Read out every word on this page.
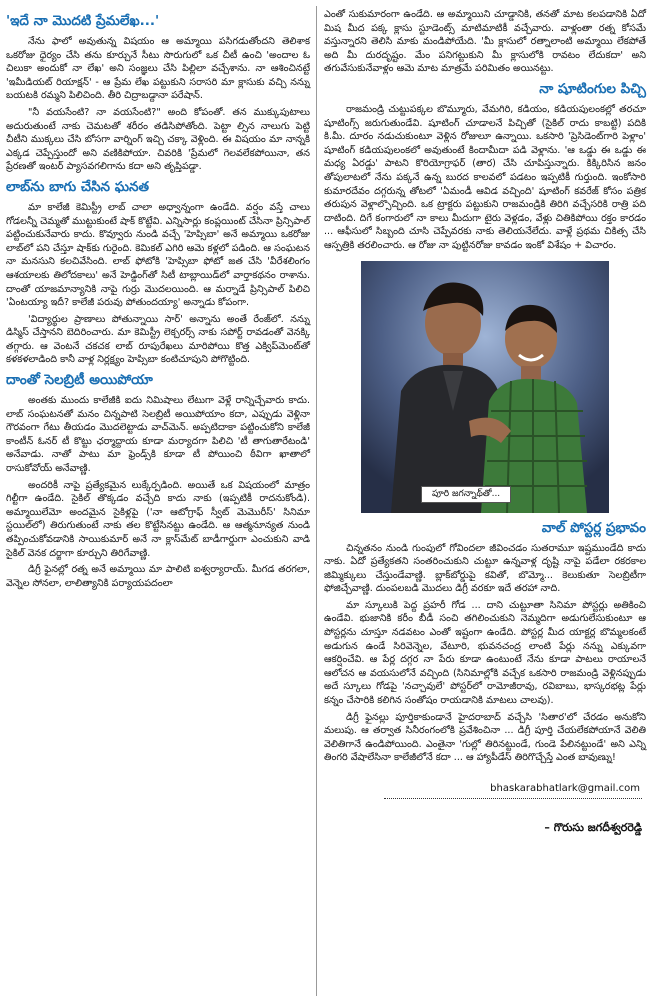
'ఇదే నా మొదటి ప్రేమలేఖ...'

నేను ఫాలో అవుతున్న విషయం ఆ అమ్మాయి పసిగడుతోందని తెలిశాక ఒకరోజు ధైర్యం చేసి తను కూర్చునే సీటు సొరుగులో ఒక చీటీ ఉంచి 'అందాల ఓ చిలుకా అందుకో నా లేఖ' అని సంజ్ఞలు చేసి పిల్లిలా వచ్చేశాను. నా ఆశించినట్టే 'ఇమీడియట్ రియాక్షన్' - ఆ ప్రేమ లేఖ పట్టుకుని సరాసరి మా క్లాసుకు వచ్చి నన్ను బయటకి రమ్మని పిలిచింది. తీరి చిద్రాబడ్దానా పరేషాన్.

"నీ వయసేంటి? నా వయసేంటి?" అంది కోపంతో. తన ముక్కుపుటాలు అదురుతుంటే నాకు చెమటతో శరీరం తడిసిపోతోంది. పెట్టా ల్సిన నాలుగు పెట్టి చీటీని ముక్కలు చేసి బోసగా వార్నింగ్ ఇచ్చి చక్కా వెళ్లింది. ఈ విషయం మా నాన్నకి ఎక్కడ చెప్పేస్తుందో అని వణికిపోయా. చివరికి 'ప్రేమలో గెలవలేకపోయినా, తన ప్రేరణతో ఇంటర్ ప్యాసవగలిగాను కదా అని తృప్తిపడ్డా.

లాబ్‌ను బాగు చేసిన ఘనత

మా కాలేజీ కెమిస్ట్రీ లాబ్ చాలా అధ్వాన్నంగా ఉండేది. వర్షం వస్తే చాలు గోడలన్నీ చెమ్మతో ముట్టుకుంటే షాక్ కొట్టేవి. ఎన్నిసార్లు కంప్లయింట్ చేసినా ప్రిన్సిపాల్ పట్టించుకునేవారు కాదు. కొవ్వూరు నుండి వచ్చే 'హెప్సిబా' అనే అమ్మాయి ఒకరోజు లాబ్‌లో పని చేస్తూ షాక్‌కు గురైంది. కెమికల్ ఎగిరి ఆమె కళ్లలో పడింది. ఆ సంఘటన నా మనసుని కలచివేసింది. లాబ్ ఫోటోకి 'హెప్సిబా ఫోటో జత చేసి 'వీరేశలింగం ఆశయాలకు తిలోదకాలు' అనే హెడ్డింగ్‌తో సిటీ టాబ్లాయిడ్‌లో వార్తాకథనం రాశాను. దాంతో యాజమాన్యానికి నాపై గుర్రు మొదలయింది. ఆ మర్నాడే ప్రిన్సిపాల్ పిలిచి 'ఏంటయ్యా ఇదీ? కాలేజీ పరువు పోతుందయ్యా' అన్నాడు కోపంగా.

'విద్యార్థుల ప్రాణాలు పోతున్నాయి సార్' అన్నాను అంతే రేంజ్‌లో. నన్ను డిస్మిస్ చేస్తానని బెదిరించారు. మా కెమిస్ట్రీ లెక్చరర్స్ నాకు సపోర్ట్ రావడంతో వెనక్కి తగ్గారు. ఆ వెంటనే చకచక లాబ్ రూపురేఖలు మారిపోయి కొత్త ఎక్విప్‌మెంట్‌తో కళకళలాడింది కానీ వాళ్ల నిర్లక్ష్యం హెప్సిబా కంటిచూపుని పోగొట్టింది.

దాంతో సెలబ్రిటీ అయిపోయా

అంతకు ముందు కాలేజీకి ఐదు నిమిషాలు లేటుగా వెళ్లే రాన్నిచ్చేవారు కాదు. లాబ్ సంఘటనతో మనం చిన్నపాటి సెలబ్రిటీ అయిపోయాం కదా, ఎప్పుడు వెళ్లినా గౌరవంగా గేటు తీయడం మొదలెట్టాడు వాచ్‌మెన్. అప్పటిదాకా పట్టించుకోని కాలేజీ కాంటీన్ ఓనర్ టీ కొట్టు ఛర్మాద్దాయ కూడా మర్యాదగా పిలిచి 'టీ తాగుతారేటండి' అనేవాడు. నాతో పాటు మా ఫ్రెండ్స్‌కి కూడా టీ పోయించి ఠీవిగా ఖాతాలో రాసుకోవోయ్ అనేవాణ్ణి.

అందరికీ నాపై ప్రత్యేకమైన లుక్కేర్పడింది. అయితే ఒక విషయంలో మాత్రం గిల్టీగా ఉండేది. సైకిల్ తొక్కడం వచ్చేది కాదు నాకు (ఇప్పటికీ రాదనుకోండి). అమ్మాయిలేమో అందమైన సైకిళ్లపై ('నా ఆటోగ్రాఫ్ స్వీట్ మెమొరీస్' సినిమా స్టయిల్‌లో) తిరుగుతుంటే నాకు తల కొట్టేసినట్టు ఉండేది. ఆ ఆత్మనూన్యత నుండి తప్పించుకోవడానికి సాయికుమార్ అనే నా క్లాస్‌మేట్ బాడీగార్డుగా ఎంచుకుని వాడి సైకిల్ వెనక దర్జాగా కూర్చుని తిరిగేవాణ్ణి.

డిగ్రీ ఫైనల్లో రత్న అనే అమ్మాయి మా పాలిటి ఐశ్వర్యారాయ్. మీగడ తరగలా, వెన్నెల సోనలా, లాలిత్యానికి పర్యాయపదంలా

ఎంతో సుకుమారంగా ఉండేది. ఆ అమ్మాయిని చూడ్డానికి, తనతో మాట కలపడానికి ఏదో మిష మీద పక్క క్లాసు స్టూడెంట్స్ మాటిమాటికీ వచ్చేవారు. వాళ్లంతా రత్న కోసమే వస్తున్నారని తెలిసి మాకు మండిపోయేది. 'మీ క్లాసులో రత్నాలాంటి అమ్మాయి లేకపోతే అది మీ దురదృష్టం. మేం పనిగట్టుకుని మీ క్లాసులోకి రావటం లేదుకదా' అని తగువేసుకునేవాళ్లం ఆమె మాట మాత్రమే పరిమితం అయినట్టు.

నా షూటింగుల పిచ్చి

రాజమండ్రి చుట్టుపక్కల బొమ్మూరు, వేమగిరి, కడియం, కడియపులంకల్లో తరచూ షూటింగ్స్ జరుగుతుండేవి. షూటింగ్ చూడాలనే పిచ్చితో (సైకిల్ రాదు కాబట్టి) పదికి కి.మీ. దూరం నడుచుకుంటూ వెళ్లిన రోజులూ ఉన్నాయి. ఒకసారి 'ప్రెసిడెంట్‌గారి పెళ్లాం' షూటింగ్ కడియపులంకలో అవుతుంటే కిందామీదా పడి వెళ్లాను. 'ఆ ఒడ్డు ఈ ఒడ్డు ఈ మధ్య ఏరడ్డు' పాటని కొరియోగ్రాఫర్ (తార) చేసి చూపిస్తున్నారు. కిక్కిరిసిన జనం తోపులాటలో నేను పక్కనే ఉన్న బురద కాలవలో పడటం ఇప్పటికీ గుర్తుంది. ఇంకోసారి కుమారదేవం దగ్గరున్న తోటలో 'ఏమండీ ఆవిడ వచ్చింది' షూటింగ్ కవరేజ్ కోసం పత్రిక తరుపున వెళ్లాల్సొచ్చింది. ఒక ట్రాక్టరు పట్టుకుని రాజమండ్రికి తిరిగి వచ్చేసరికి రాత్రి పది దాటింది. దిగే కంగారులో నా కాలు మీదుగా టైరు వెళ్లడం, వేళ్లు చితికిపోయి రక్తం కారడం ... ఆఫీసులో సిబ్బంది చూసి చెప్పేవరకు నాకు తెలియనేలేదు. వాళ్లే ప్రథమ చికిత్స చేసి ఆస్పత్రికి తరలించారు. ఆ రోజు నా పుట్టినరోజు కావడం ఇంకో విశేషం + విచారం.

పూరి జగన్నాథ్‌తో...
వాల్ పోస్టర్ల ప్రభావం

చిన్నతనం నుండి గుంపులో గోవిందలా జీవించడం సుతరామూ ఇష్టముండేది కాదు నాకు. ఏదో ప్రత్యేకతని సంతరించుకుని చుట్టూ ఉన్నవాళ్ల దృష్టి నాపై పడేలా రకరకాల జిమ్మిక్కులు చేస్తుండేవాణ్ణి. బ్లాక్‌బోర్డుపై కవితో, బొమ్మో... కెలుకుతూ సెలబ్రిటీగా ఫోజిచ్చేవాణ్ణి. దుంపలబడి మొదలు డిగ్రీ వరకూ ఇదే తరహా నాది.

మా స్కూలుకి పెద్ద ప్రహరీ గోడ ... దాని చుట్టూతా సినిమా పోస్టర్లు అతికించి ఉండేవి. భుజానికి కరీం బీడీ సంచి తగిలించుకుని నెమ్మదిగా అడుగులేసుకుంటూ ఆ పోస్టర్లను చూస్తూ నడవటం ఎంతో ఇష్టంగా ఉండేది. పోస్టర్ల మీద యాక్టర్ల బొమ్మలకంటే అడుగున ఉండే సిరివెన్నెల, వేటూరి, భువనచంద్ర లాంటి పేర్లు నన్ను ఎక్కువగా ఆకర్షించేవి. ఆ పేర్ల దగ్గర నా పేరు కూడా ఉంటుంటే నేను కూడా పాటలు రాయాలనే ఆలోచన ఆ వయసులోనే వచ్చింది (సినిమాల్లోకి వచ్చేక ఒకసారి రాజమండ్రి వెళ్లినప్పుడు అదే స్కూలు గోడపై 'నచ్చావులే' పోస్టర్‌లో రామోజీరావు, రవిబాబు, భాస్కరభట్ల పేర్లు కన్నం చేసారికి కలిగిన సంతోషం రాయడానికి మాటలు చాలవు).

డిగ్రీ ఫైనల్లు పూర్తికాకుండానే హైదరాబాద్ వచ్చేసి 'సితార'లో చేరడం అనుకోని మలుపు. ఆ తర్వాత సినీరంగంలోకి ప్రవేశించినా ... డిగ్రీ పూర్తి చేయలేకపోయానే వెలితి వెలితిగానే ఉండిపోయింది. ఎంతైనా 'గుల్లో తిరినట్టుండే, గుండె పేలినట్టుండే' అని ఎన్ని తింగరి వేషాలేసినా కాలేజీలోనే కదా ... ఆ హ్యాపీడేస్ తిరిగొచ్చేస్తే ఎంత బావుణ్ను!

bhaskarabhatlark@gmail.com
– గొరుసు జగదీశ్వరరెడ్డి
